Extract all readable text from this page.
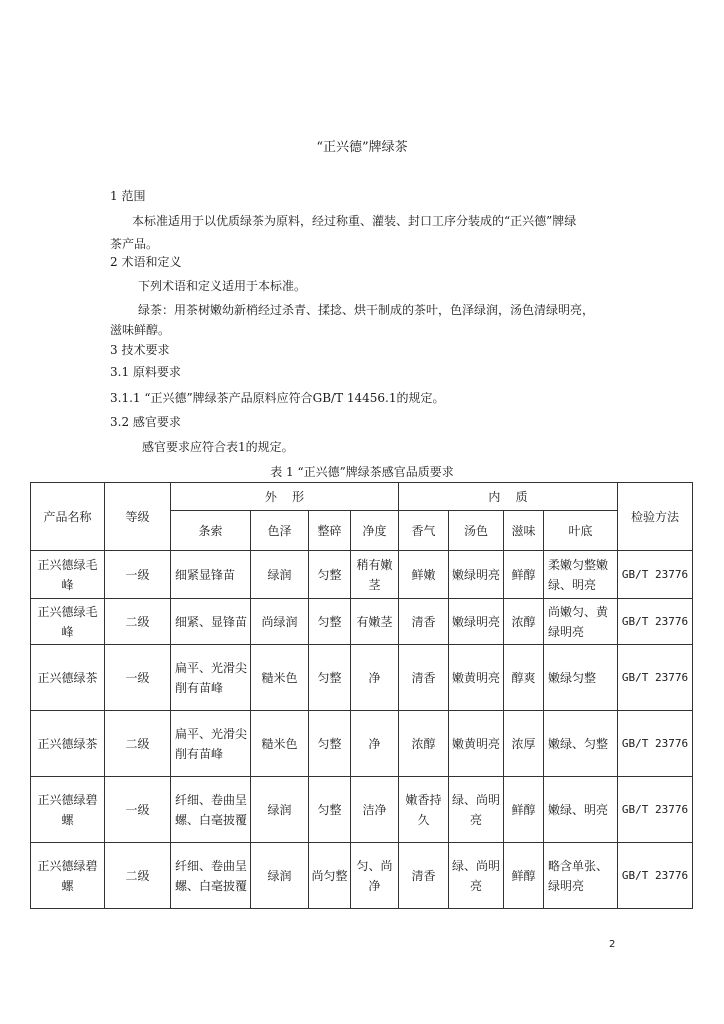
“正兴德”牌绿茶
1 范围
本标准适用于以优质绿茶为原料，经过称重、灌装、封口工序分装成的“正兴德”牌绿
茶产品。
2 术语和定义
下列术语和定义适用于本标准。
绿茶：用茶树嫩幼新梢经过杀青、揉捻、烘干制成的茶叶，色泽绿润，汤色清绿明亮，
滋味鲜醇。
3 技术要求
3.1 原料要求
3.1.1 “正兴德”牌绿茶产品原料应符合GB/T 14456.1的规定。
3.2 感官要求
感官要求应符合表1的规定。
表 1 “正兴德”牌绿茶感官品质要求
产品名称	等级	外    形				内    质				检验方法
		条索	色泽	整碎	净度	香气	汤色	滋味	叶底	
正兴德绿毛峰	一级	细紧显锋苗	绿润	匀整	稍有嫩茎	鲜嫩	嫩绿明亮	鲜醇	柔嫩匀整嫩绿、明亮	GB/T 23776
正兴德绿毛峰	二级	细紧、显锋苗	尚绿润	匀整	有嫩茎	清香	嫩绿明亮	浓醇	尚嫩匀、黄绿明亮	GB/T 23776
正兴德绿茶	一级	扁平、光滑尖削有苗峰	糙米色	匀整	净	清香	嫩黄明亮	醇爽	嫩绿匀整	GB/T 23776
正兴德绿茶	二级	扁平、光滑尖削有苗峰	糙米色	匀整	净	浓醇	嫩黄明亮	浓厚	嫩绿、匀整	GB/T 23776
正兴德绿碧螺	一级	纤细、卷曲呈螺、白毫披覆	绿润	匀整	洁净	嫩香持久	绿、尚明亮	鲜醇	嫩绿、明亮	GB/T 23776
正兴德绿碧螺	二级	纤细、卷曲呈螺、白毫披覆	绿润	尚匀整	匀、尚净	清香	绿、尚明亮	鲜醇	略含单张、绿明亮	GB/T 23776
2
